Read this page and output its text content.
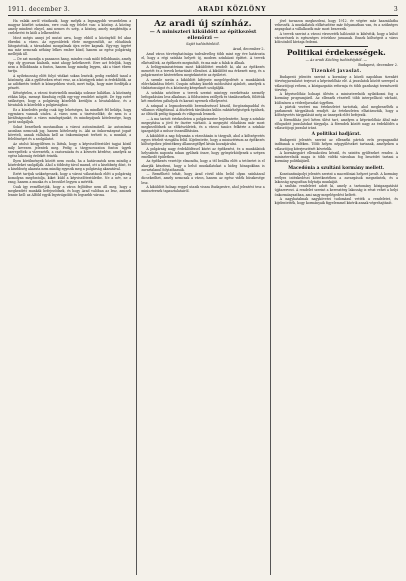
1911. december 3.	ARADI KÖZLÖNY	3

Ha valaki arról vitatkozik, hogy melyik a legnagyobb veszedelem a magyar közélet számára, erre csak egy felelet van: a közöny. A közöny, amely mindent elnyel, ami nemes és szép, a közöny, amely megbénítja a cselekvést és kiöli a lelkesedést.

Most mégis annyi jel mutat arra, hogy ebből a közönyből fel akar ébredni a város. Az egyesületek élete megpezsdült, az előadások látogatottak, a társadalmi mozgalmak újra erőre kapnak. Egy-egy ügyért ma már nemcsak néhány lelkes ember küzd, hanem az egész polgárság melléjük áll.

— De azt mondja a panaszos hang, mindez csak múló fellobbanás, amely épp oly gyorsan kialszik, mint ahogy keletkezett. Erre azt feleljük, hogy nem a fellobbanás a fontos, hanem hogy mindig legyen, aki a tüzet ébren tartja.

A nyilvánosság előtt folyó vitákat sokan lenézik, pedig ezekből tanul a közönség. Aki a gyűléseken részt vesz, az a közügyek iránt is érdeklődik, az az adófizetés terhét is könnyebben viseli, mert tudja, hogy mire fordítják a pénzét.

Kétségtelen, a városi tisztviselők munkája sokszor hálátlan. A közönség ritkán látja, mennyi fáradság rejlik egy-egy rendelet mögött. De épp ezért szükséges, hogy a polgárság közelebb kerüljön a hivatalokhoz, és a hivatalok is közelebb a polgársághoz.

Ez a közeledés pedig csak úgy lehetséges, ha mindkét fél belátja, hogy egymásra vannak utalva. A város nem a tisztviselőké, de nem is a kiváltságosoké: a város mindnyájunké, és mindnyájunk kötelessége, hogy javát szolgáljuk.

Sokat beszélnek mostanában a városi autonómiáról. Az autonómia azonban nemcsak jog, hanem kötelesség is. Aki az önkormányzat jogait követeli, annak vállalnia kell az önkormányzat terheit is, a munkát, a felelősséget és a szolgálatot.

Az utolsó közgyűlésen is láttuk, hogy a képviselőtestület tagjai közül mily kevesen jelentek meg. Pedig a tárgysorozaton fontos ügyek szerepeltek: a vízvezeték, a csatornázás és a kövezés kérdése, amelyek az egész lakosság érdekét érintik.

Ilyen körülmények között nem csoda, ha a határozatok nem mindig a közérdeket szolgálják. Ahol a többség távol marad, ott a kisebbség dönt, és a kisebbség akarata nem mindig egyezik meg a polgárság akaratával.

Ezért tartjuk szükségesnek, hogy a városi választások előtt a polgárság komolyan megfontolja, kiket küld a képviselőtestületbe. Ne a név, ne a rang, hanem a munka és a becsület legyen a mérték.

Csak így remélhetjük, hogy a város fejlődése nem áll meg, hogy a megkezdett munkák befejeződnek, és hogy Arad valóban az lesz, aminek lennie kell: az Alföld egyik legvirágzóbb és legszebb városa.

Az aradi új színház.
— A miniszteri kiküldött az építkezést ellenőrzi —
Saját tudósítónktól.
Arad, december 2.

Arad város törvényhatósága tudvalevőleg több mint egy éve határozta el, hogy a régi színház helyett új, modern színházat építtet. A tervek elkészültek, az építkezés megindult, és ma már a falak is állnak.

A belügyminisztérium most kiküldöttet rendelt ki, aki az építkezés menetét és a tervek betartását ellenőrzi. A kiküldött ma érkezett meg, és a polgármester kíséretében megtekintette az épületet.

A szemle során a kiküldött kifejezte megelégedését a munkálatok előrehaladása felett. Csupán néhány kisebb módosítást ajánlott, amelyek a tűzbiztonságot és a közönség kényelmét szolgálják.

A színház nézőtere a tervek szerint mintegy ezerkétszáz személy befogadására lesz alkalmas. A földszinten zsöllyék és támlásszékek, fölöttük két emeleten páholyok és karzat nyernek elhelyezést.

A színpad a legmodernebb berendezéssel készül, forgószínpaddal és villamos világítással. A díszletek tárolására külön raktárhelyiségek épülnek, az öltözők pedig tágasak és világosak lesznek.

— A ma tartott értekezleten a polgármester bejelentette, hogy a színház megnyitása a jövő év őszére várható. A megnyitó előadásra már most megkezdődnek az előkészületek, és a városi tanács felkérte a színház igazgatóját a műsor összeállítására.

A kiküldött a nap folyamán a városházán is tárgyalt, ahol a költségvetés egyes tételeit vizsgálta felül. Kijelentette, hogy a minisztérium az építkezés költségeihez jelentékeny államsegéllyel kíván hozzájárulni.

A polgárság nagy érdeklődéssel kíséri az építkezést, és a munkálatok helyszínén naponta sokan gyűlnek össze, hogy gyönyörködjenek a szépen emelkedő épületben.

Az építkezés vezetője elmondta, hogy a tél beállta előtt a tetőzetet is el akarják készíteni, hogy a belső munkálatokat a hideg hónapokban is zavartalanul folytathassák.

— Remélhető tehát, hogy Arad rövid időn belül olyan színházzal dicsekedhet, amely nemcsak a város, hanem az egész vidék büszkesége lesz.

A kiküldött holnap reggel utazik vissza Budapestre, ahol jelentést tesz a miniszternek tapasztalatairól.

jövő tavaszon megkezdeni, hogy 1912. év végére már használatba vehessék. A munkálatok előkészítése már folyamatban van, és a szükséges anyagokat a vállalkozók már most beszerzik.

A tervek szerint a városi vízvezeték hálózatát is kibővítik, hogy a külső városrészek is egészséges ivóvízhez jussanak. Ennek költségeit a város kölcsönből kívánja fedezni.

Politikai érdekességek.
— Az aradi Közlöny tudósítójától. —
Budapest, december 2.
Tizenkét javaslat.

Budapesti jelentés szerint a kormány a közeli napokban tizenkét törvényjavaslatot terjeszt a képviselőház elé. A javaslatok között szerepel a választójogi reform, a közigazgatás reformja és több gazdasági természetű törvény.

A képviselőház holnapi ülésén a miniszterelnök nyilatkozni fog a kormány programjáról. Az ellenzék részéről több interpelláció várható, különösen a véderőjavaslat ügyében.

A pártok vezérei ma értekezletet tartottak, ahol megbeszélték a parlamenti tárgyalások rendjét. Az értekezleten elhatározták, hogy a költségvetés tárgyalását még az ünnepek előtt befejezik.

A főrendiház jövő héten ülést tart, amelyen a képviselőház által már elfogadott javaslatokat tárgyalja. A főrendek között nagy az érdeklődés a választójogi javaslat iránt.

A politikai hadjárat.

Budapesti jelentés szerint az ellenzéki pártok erős propagandát indítanak a vidéken. Több helyen népgyűléseket tartanak, amelyeken a választójog kiterjesztését követelik.

A kormánypárt ellenakcióra készül, és szintén gyűléseket rendez. A miniszterelnök maga is több vidéki városban fog beszédet tartani a kormány politikájáról.

Macedónia a szultáni kormány mellett.

Konstantinápolyi jelentés szerint a macedóniai helyzet javult. A kormány erélyes intézkedései következtében a zavargások megszűntek, és a lakosság nyugodtan folytatja munkáját.

A szultán rendeletet adott ki, amely a tartomány közigazgatását újjászervezi. A rendelet szerint a keresztény lakosság is részt vehet a helyi önkormányzatban, ami nagy megelégedést keltett.

A nagyhatalmak nagykövetei tudomásul vették a rendeletet, és kijelentették, hogy kormányaik figyelemmel kísérik annak végrehajtását.
